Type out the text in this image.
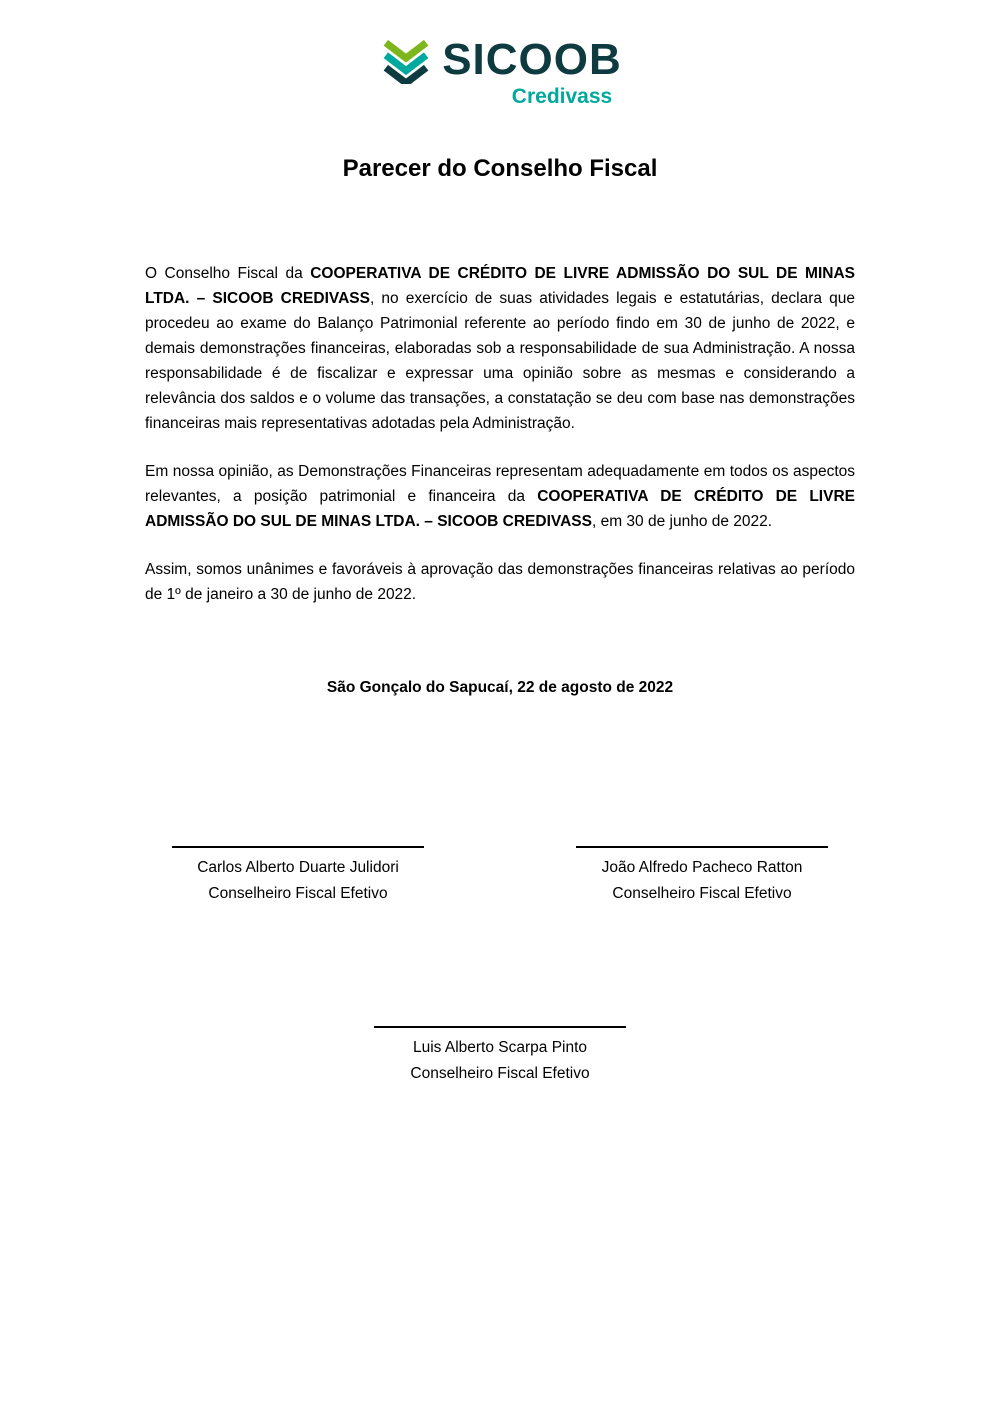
SICOOB
Credivass
Parecer do Conselho Fiscal

O Conselho Fiscal da COOPERATIVA DE CRÉDITO DE LIVRE ADMISSÃO DO SUL DE MINAS LTDA. – SICOOB CREDIVASS, no exercício de suas atividades legais e estatutárias, declara que procedeu ao exame do Balanço Patrimonial referente ao período findo em 30 de junho de 2022, e demais demonstrações financeiras, elaboradas sob a responsabilidade de sua Administração. A nossa responsabilidade é de fiscalizar e expressar uma opinião sobre as mesmas e considerando a relevância dos saldos e o volume das transações, a constatação se deu com base nas demonstrações financeiras mais representativas adotadas pela Administração.

Em nossa opinião, as Demonstrações Financeiras representam adequadamente em todos os aspectos relevantes, a posição patrimonial e financeira da COOPERATIVA DE CRÉDITO DE LIVRE ADMISSÃO DO SUL DE MINAS LTDA. – SICOOB CREDIVASS, em 30 de junho de 2022.

Assim, somos unânimes e favoráveis à aprovação das demonstrações financeiras relativas ao período de 1º de janeiro a 30 de junho de 2022.

São Gonçalo do Sapucaí, 22 de agosto de 2022

Carlos Alberto Duarte Julidori
Conselheiro Fiscal Efetivo
João Alfredo Pacheco Ratton
Conselheiro Fiscal Efetivo
Luis Alberto Scarpa Pinto
Conselheiro Fiscal Efetivo
